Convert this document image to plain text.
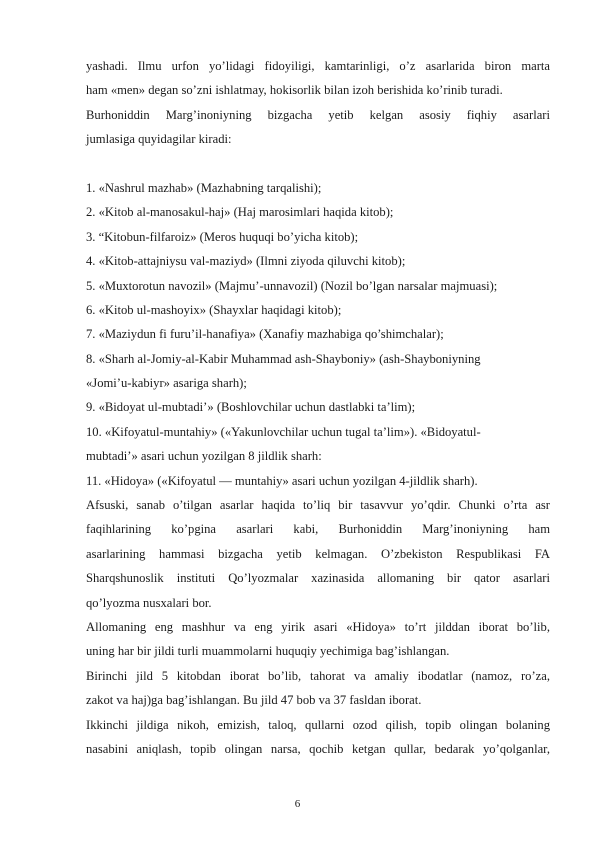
yashadi. Ilmu urfon yo’lidagi fidoyiligi, kamtarinligi, o’z asarlarida biron marta
ham «men» degan so’zni ishlatmay, hokisorlik bilan izoh berishida ko’rinib turadi.
Burhoniddin Marg’inoniyning bizgacha yetib kelgan asosiy fiqhiy asarlari
jumlasiga quyidagilar kiradi:
1. «Nashrul mazhab» (Mazhabning tarqalishi);
2. «Kitob al-manosakul-haj» (Haj marosimlari haqida kitob);
3. “Kitobun-filfaroiz» (Meros huquqi bo’yicha kitob);
4. «Kitob-attajniysu val-maziyd» (Ilmni ziyoda qiluvchi kitob);
5. «Muxtorotun navozil» (Majmu’-unnavozil) (Nozil bo’lgan narsalar majmuasi);
6. «Kitob ul-mashoyix» (Shayxlar haqidagi kitob);
7. «Maziydun fi furu’il-hanafiya» (Xanafiy mazhabiga qo’shimchalar);
8. «Sharh al-Jomiy-al-Kabir Muhammad ash-Shayboniy» (ash-Shayboniyning
«Jomi’u-kabiyr» asariga sharh);
9. «Bidoyat ul-mubtadi’» (Boshlovchilar uchun dastlabki ta’lim);
10. «Kifoyatul-muntahiy» («Yakunlovchilar uchun tugal ta’lim»). «Bidoyatul-
mubtadi’» asari uchun yozilgan 8 jildlik sharh:
11. «Hidoya» («Kifoyatul — muntahiy» asari uchun yozilgan 4-jildlik sharh).
Afsuski, sanab o’tilgan asarlar haqida to’liq bir tasavvur yo’qdir. Chunki o’rta asr
faqihlarining ko’pgina asarlari kabi, Burhoniddin Marg’inoniyning ham
asarlarining hammasi bizgacha yetib kelmagan. O’zbekiston Respublikasi FA
Sharqshunoslik instituti Qo’lyozmalar xazinasida allomaning bir qator asarlari
qo’lyozma nusxalari bor.
Allomaning eng mashhur va eng yirik asari «Hidoya» to’rt jilddan iborat bo’lib,
uning har bir jildi turli muammolarni huquqiy yechimiga bag’ishlangan.
Birinchi jild 5 kitobdan iborat bo’lib, tahorat va amaliy ibodatlar (namoz, ro’za,
zakot va haj)ga bag’ishlangan. Bu jild 47 bob va 37 fasldan iborat.
Ikkinchi jildiga nikoh, emizish, taloq, qullarni ozod qilish, topib olingan bolaning
nasabini aniqlash, topib olingan narsa, qochib ketgan qullar, bedarak yo’qolganlar,
6
